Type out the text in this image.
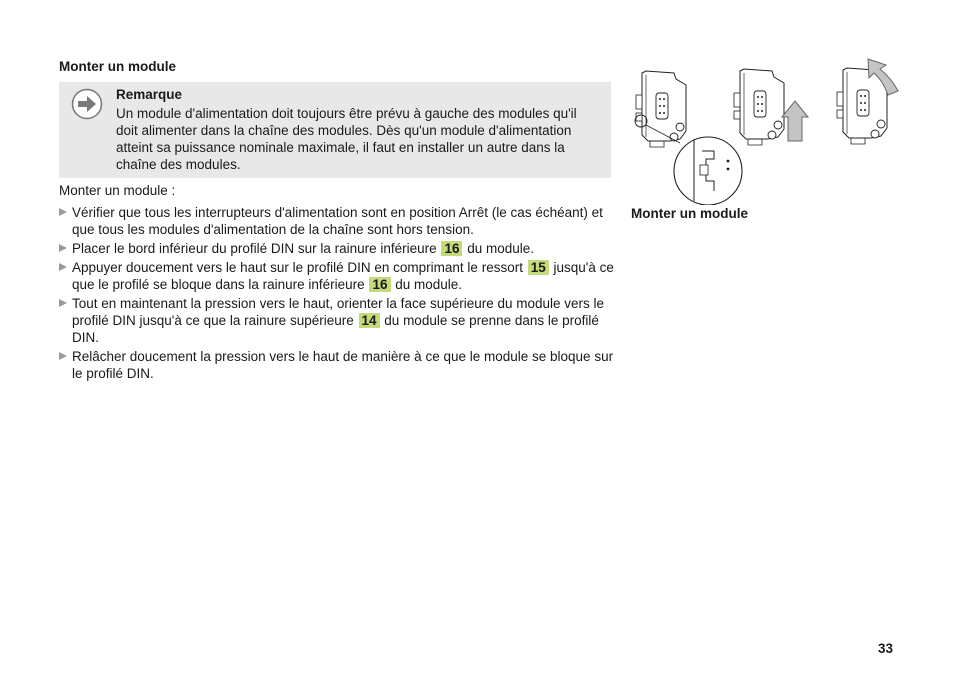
Monter un module
Remarque
Un module d'alimentation doit toujours être prévu à gauche des modules qu'il doit alimenter dans la chaîne des modules. Dès qu'un module d'alimentation atteint sa puissance nominale maximale, il faut en installer un autre dans la chaîne des modules.
Monter un module :
Vérifier que tous les interrupteurs d'alimentation sont en position Arrêt (le cas échéant) et que tous les modules d'alimentation de la chaîne sont hors tension.
Placer le bord inférieur du profilé DIN sur la rainure inférieure 16 du module.
Appuyer doucement vers le haut sur le profilé DIN en comprimant le ressort 15 jusqu'à ce que le profilé se bloque dans la rainure inférieure 16 du module.
Tout en maintenant la pression vers le haut, orienter la face supérieure du module vers le profilé DIN jusqu'à ce que la rainure supérieure 14 du module se prenne dans le profilé DIN.
Relâcher doucement la pression vers le haut de manière à ce que le module se bloque sur le profilé DIN.
Monter un module
33
